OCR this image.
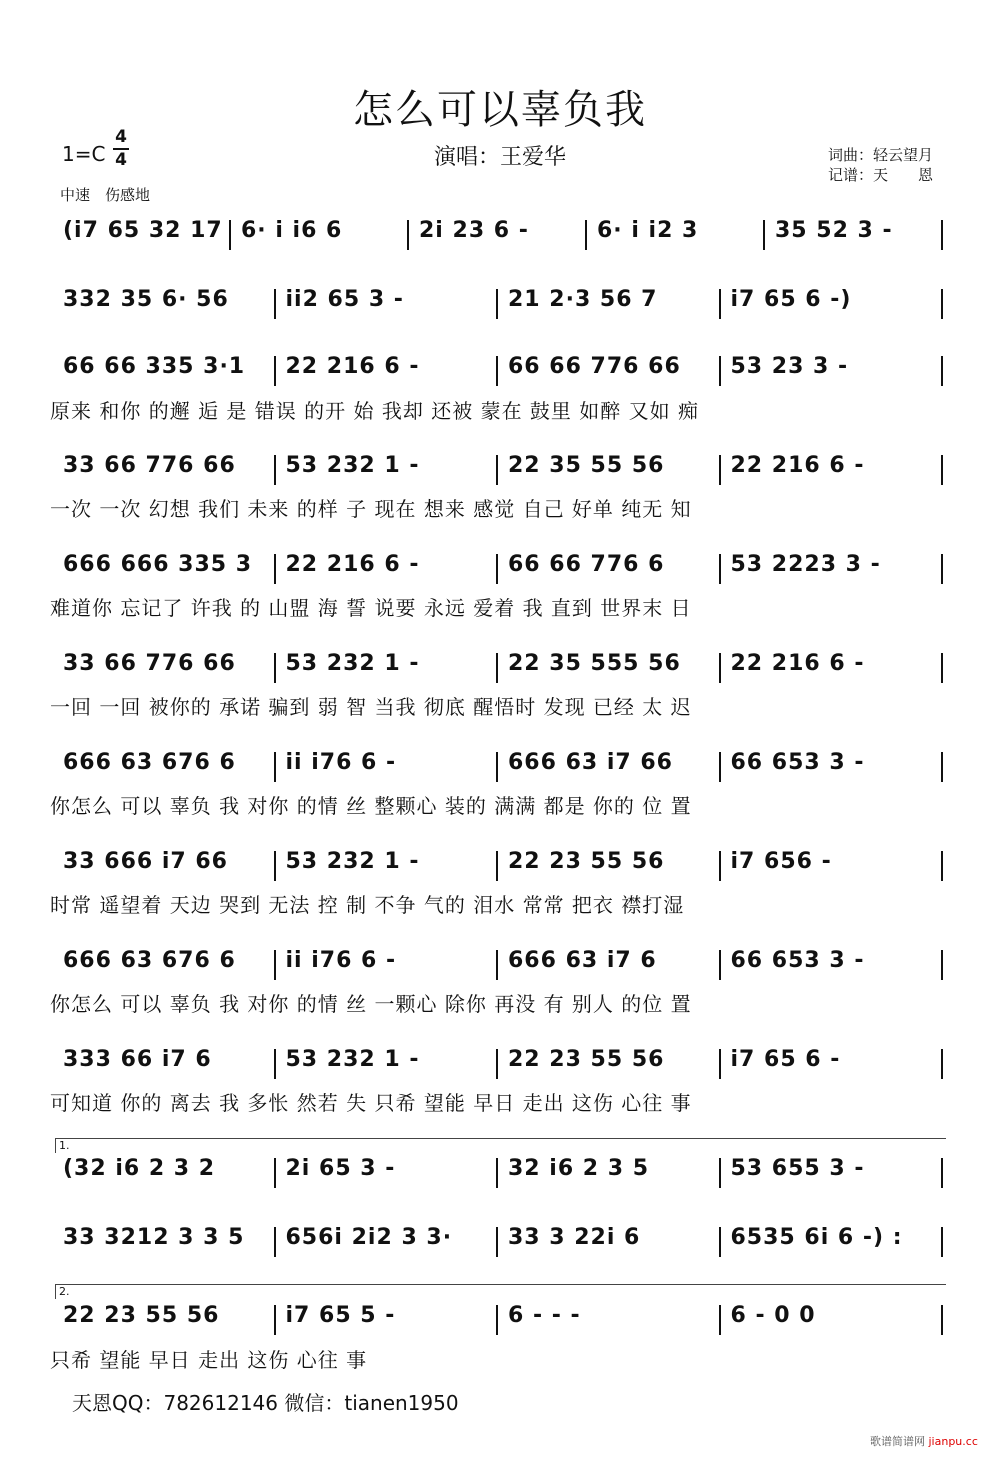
怎么可以辜负我
1=C
4
4
中速　伤感地
演唱：王爱华	词曲：轻云望月
记谱：天　　恩
(i7 65 32 17 6· i i6 6	2i 23 6 -	6· i i2 3	35 52 3 -
332 35 6· 56	ii2 65 3 -	21 2·3 56 7	i7 65 6 -)
66 66 335 3·1 22 216 6 -	66 66 776 66 53 23 3 -
33 66 776 66 53 232 1 -	22 35 55 56	22 216 6 -
666 666 335 3 22 216 6 -	66 66 776 6	53 2223 3 -
33 66 776 66 53 232 1 -	22 35 555 56 22 216 6 -
666 63 676 6 ii i76 6 -	666 63 i7 66	66 653 3 -
33 666 i7 66	53 232 1 -	22 23 55 56	i7 656 -
666 63 676 6 ii i76 6 -	666 63 i7 6	66 653 3 -
333 66 i7 6	53 232 1 -	22 23 55 56	i7 65 6 -
(32 i6 2 3 2	2i 65 3 -	32 i6 2 3 5	53 655 3 -
33 3212 3 3 5 656i 2i2 3 3·	33 3 22i 6	6535 6i 6 -) :
22 23 55 56	i7 65 5 -	6 - - -	6 - 0 0
原来 和你 的邂 逅 是 错误 的开 始 我却 还被 蒙在 鼓里 如醉 又如 痴
一次 一次 幻想 我们 未来 的样 子 现在 想来 感觉 自己 好单 纯无 知
难道你 忘记了 许我 的 山盟 海 誓 说要 永远 爱着 我 直到 世界末 日
一回 一回 被你的 承诺 骗到 弱 智 当我 彻底 醒悟时 发现 已经 太 迟
你怎么 可以 辜负 我 对你 的情 丝 整颗心 装的 满满 都是 你的 位 置
时常 遥望着 天边 哭到 无法 控 制 不争 气的 泪水 常常 把衣 襟打湿
你怎么 可以 辜负 我 对你 的情 丝 一颗心 除你 再没 有 别人 的位 置
可知道 你的 离去 我 多怅 然若 失 只希 望能 早日 走出 这伤 心往 事
只希 望能 早日 走出 这伤 心往 事
1.
2.
天恩QQ：782612146 微信：tianen1950
歌谱简谱网 jianpu.cc
